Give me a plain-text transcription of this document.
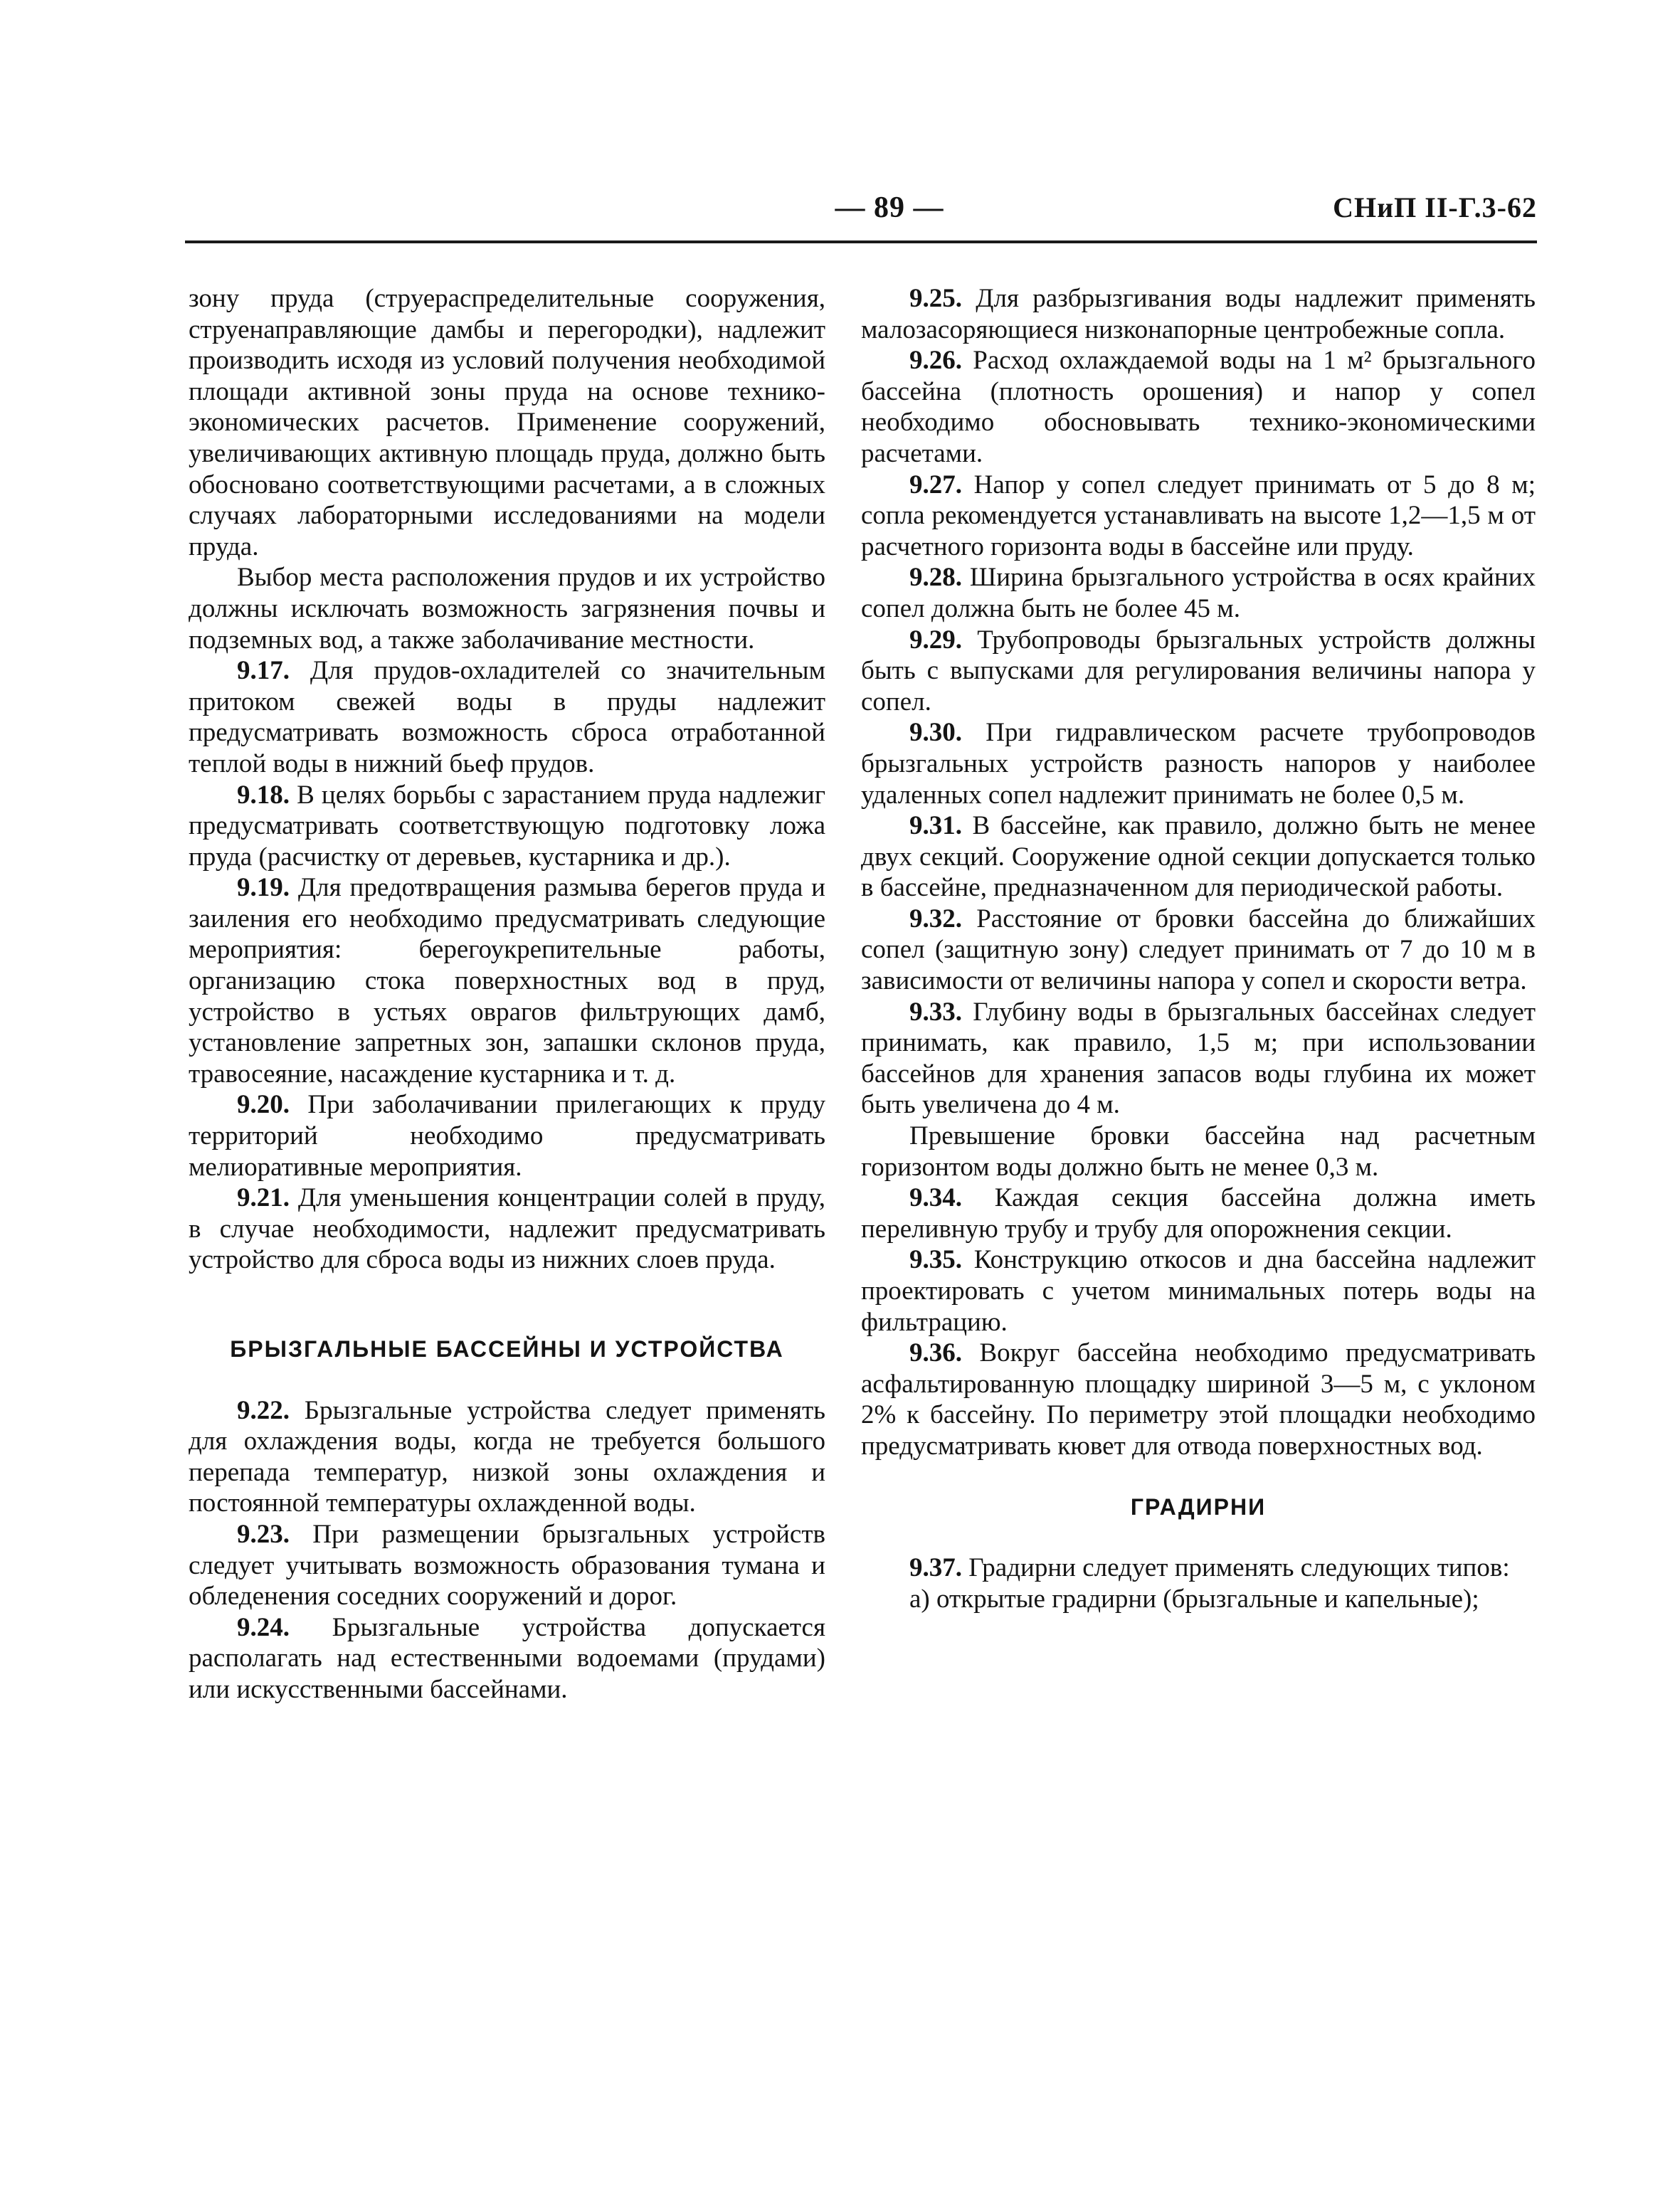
— 89 —	СНиП II-Г.3-62

зону пруда (струераспределительные сооружения, струенаправляющие дамбы и перегородки), надлежит производить исходя из условий получения необходимой площади активной зоны пруда на основе технико-экономических расчетов. Применение сооружений, увеличивающих активную площадь пруда, должно быть обосновано соответствующими расчетами, а в сложных случаях лабораторными исследованиями на модели пруда.

Выбор места расположения прудов и их устройство должны исключать возможность загрязнения почвы и подземных вод, а также заболачивание местности.

9.17. Для прудов-охладителей со значительным притоком свежей воды в пруды надлежит предусматривать возможность сброса отработанной теплой воды в нижний бьеф прудов.

9.18. В целях борьбы с зарастанием пруда надлежиг предусматривать соответствующую подготовку ложа пруда (расчистку от деревьев, кустарника и др.).

9.19. Для предотвращения размыва берегов пруда и заиления его необходимо предусматривать следующие мероприятия: берегоукрепительные работы, организацию стока поверхностных вод в пруд, устройство в устьях оврагов фильтрующих дамб, установление запретных зон, запашки склонов пруда, травосеяние, насаждение кустарника и т. д.

9.20. При заболачивании прилегающих к пруду территорий необходимо предусматривать мелиоративные мероприятия.

9.21. Для уменьшения концентрации солей в пруду, в случае необходимости, надлежит предусматривать устройство для сброса воды из нижних слоев пруда.

БРЫЗГАЛЬНЫЕ БАССЕЙНЫ И УСТРОЙСТВА

9.22. Брызгальные устройства следует применять для охлаждения воды, когда не требуется большого перепада температур, низкой зоны охлаждения и постоянной температуры охлажденной воды.

9.23. При размещении брызгальных устройств следует учитывать возможность образования тумана и обледенения соседних сооружений и дорог.

9.24. Брызгальные устройства допускается располагать над естественными водоемами (прудами) или искусственными бассейнами.

9.25. Для разбрызгивания воды надлежит применять малозасоряющиеся низконапорные центробежные сопла.

9.26. Расход охлаждаемой воды на 1 м² брызгального бассейна (плотность орошения) и напор у сопел необходимо обосновывать технико-экономическими расчетами.

9.27. Напор у сопел следует принимать от 5 до 8 м; сопла рекомендуется устанавливать на высоте 1,2—1,5 м от расчетного горизонта воды в бассейне или пруду.

9.28. Ширина брызгального устройства в осях крайних сопел должна быть не более 45 м.

9.29. Трубопроводы брызгальных устройств должны быть с выпусками для регулирования величины напора у сопел.

9.30. При гидравлическом расчете трубопроводов брызгальных устройств разность напоров у наиболее удаленных сопел надлежит принимать не более 0,5 м.

9.31. В бассейне, как правило, должно быть не менее двух секций. Сооружение одной секции допускается только в бассейне, предназначенном для периодической работы.

9.32. Расстояние от бровки бассейна до ближайших сопел (защитную зону) следует принимать от 7 до 10 м в зависимости от величины напора у сопел и скорости ветра.

9.33. Глубину воды в брызгальных бассейнах следует принимать, как правило, 1,5 м; при использовании бассейнов для хранения запасов воды глубина их может быть увеличена до 4 м.

Превышение бровки бассейна над расчетным горизонтом воды должно быть не менее 0,3 м.

9.34. Каждая секция бассейна должна иметь переливную трубу и трубу для опорожнения секции.

9.35. Конструкцию откосов и дна бассейна надлежит проектировать с учетом минимальных потерь воды на фильтрацию.

9.36. Вокруг бассейна необходимо предусматривать асфальтированную площадку шириной 3—5 м, с уклоном 2% к бассейну. По периметру этой площадки необходимо предусматривать кювет для отвода поверхностных вод.

ГРАДИРНИ

9.37. Градирни следует применять следующих типов:

а) открытые градирни (брызгальные и капельные);
